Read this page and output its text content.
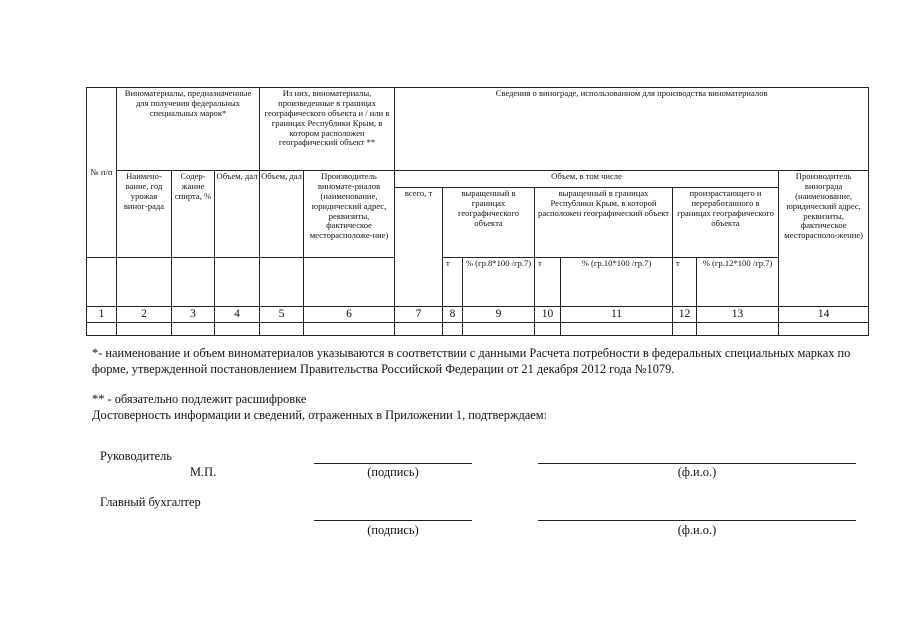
№ п/п	Виноматериалы, предназначенные для получения федеральных специальных марок*			Из них, виноматериалы, произведенные в границах географического объекта и / или в границах Республики Крым, в котором расположен географический объект **		Сведения о винограде, использованном для производства виноматериалов							
	Наимено-вание, год урожая виног-рада	Содер-жание спирта, %	Объем, дал	Объем, дал	Производитель виномате-риалов (наименование, юридический адрес, реквизиты, фактическое месторасположе-ние)	Объем, в том числе							Производитель винограда (наименование, юридический адрес, реквизиты, фактическое месторасполо-жение)
						всего, т	выращенный в границах географического объекта		выращенный в границах Республики Крым, в которой расположен географический объект		произрастающего и переработанного в границах географического объекта		
							т	% (гр.8*100 /гр.7)	т	% (гр.10*100 /гр.7)	т	% (гр.12*100 /гр.7)	
1	2	3	4	5	6	7	8	9	10	11	12	13	14

*- наименование и объем виноматериалов указываются в соответствии с данными Расчета потребности в федеральных специальных марках по форме, утвержденной постановлением Правительства Российской Федерации от 21 декабря 2012 года №1079.

** - обязательно подлежит расшифровке

Достоверность информации и сведений, отраженных в Приложении 1, подтверждаем:

Руководитель
М.П.	(подпись)	(ф.и.о.)
Главный бухгалтер
(подпись)	(ф.и.о.)
